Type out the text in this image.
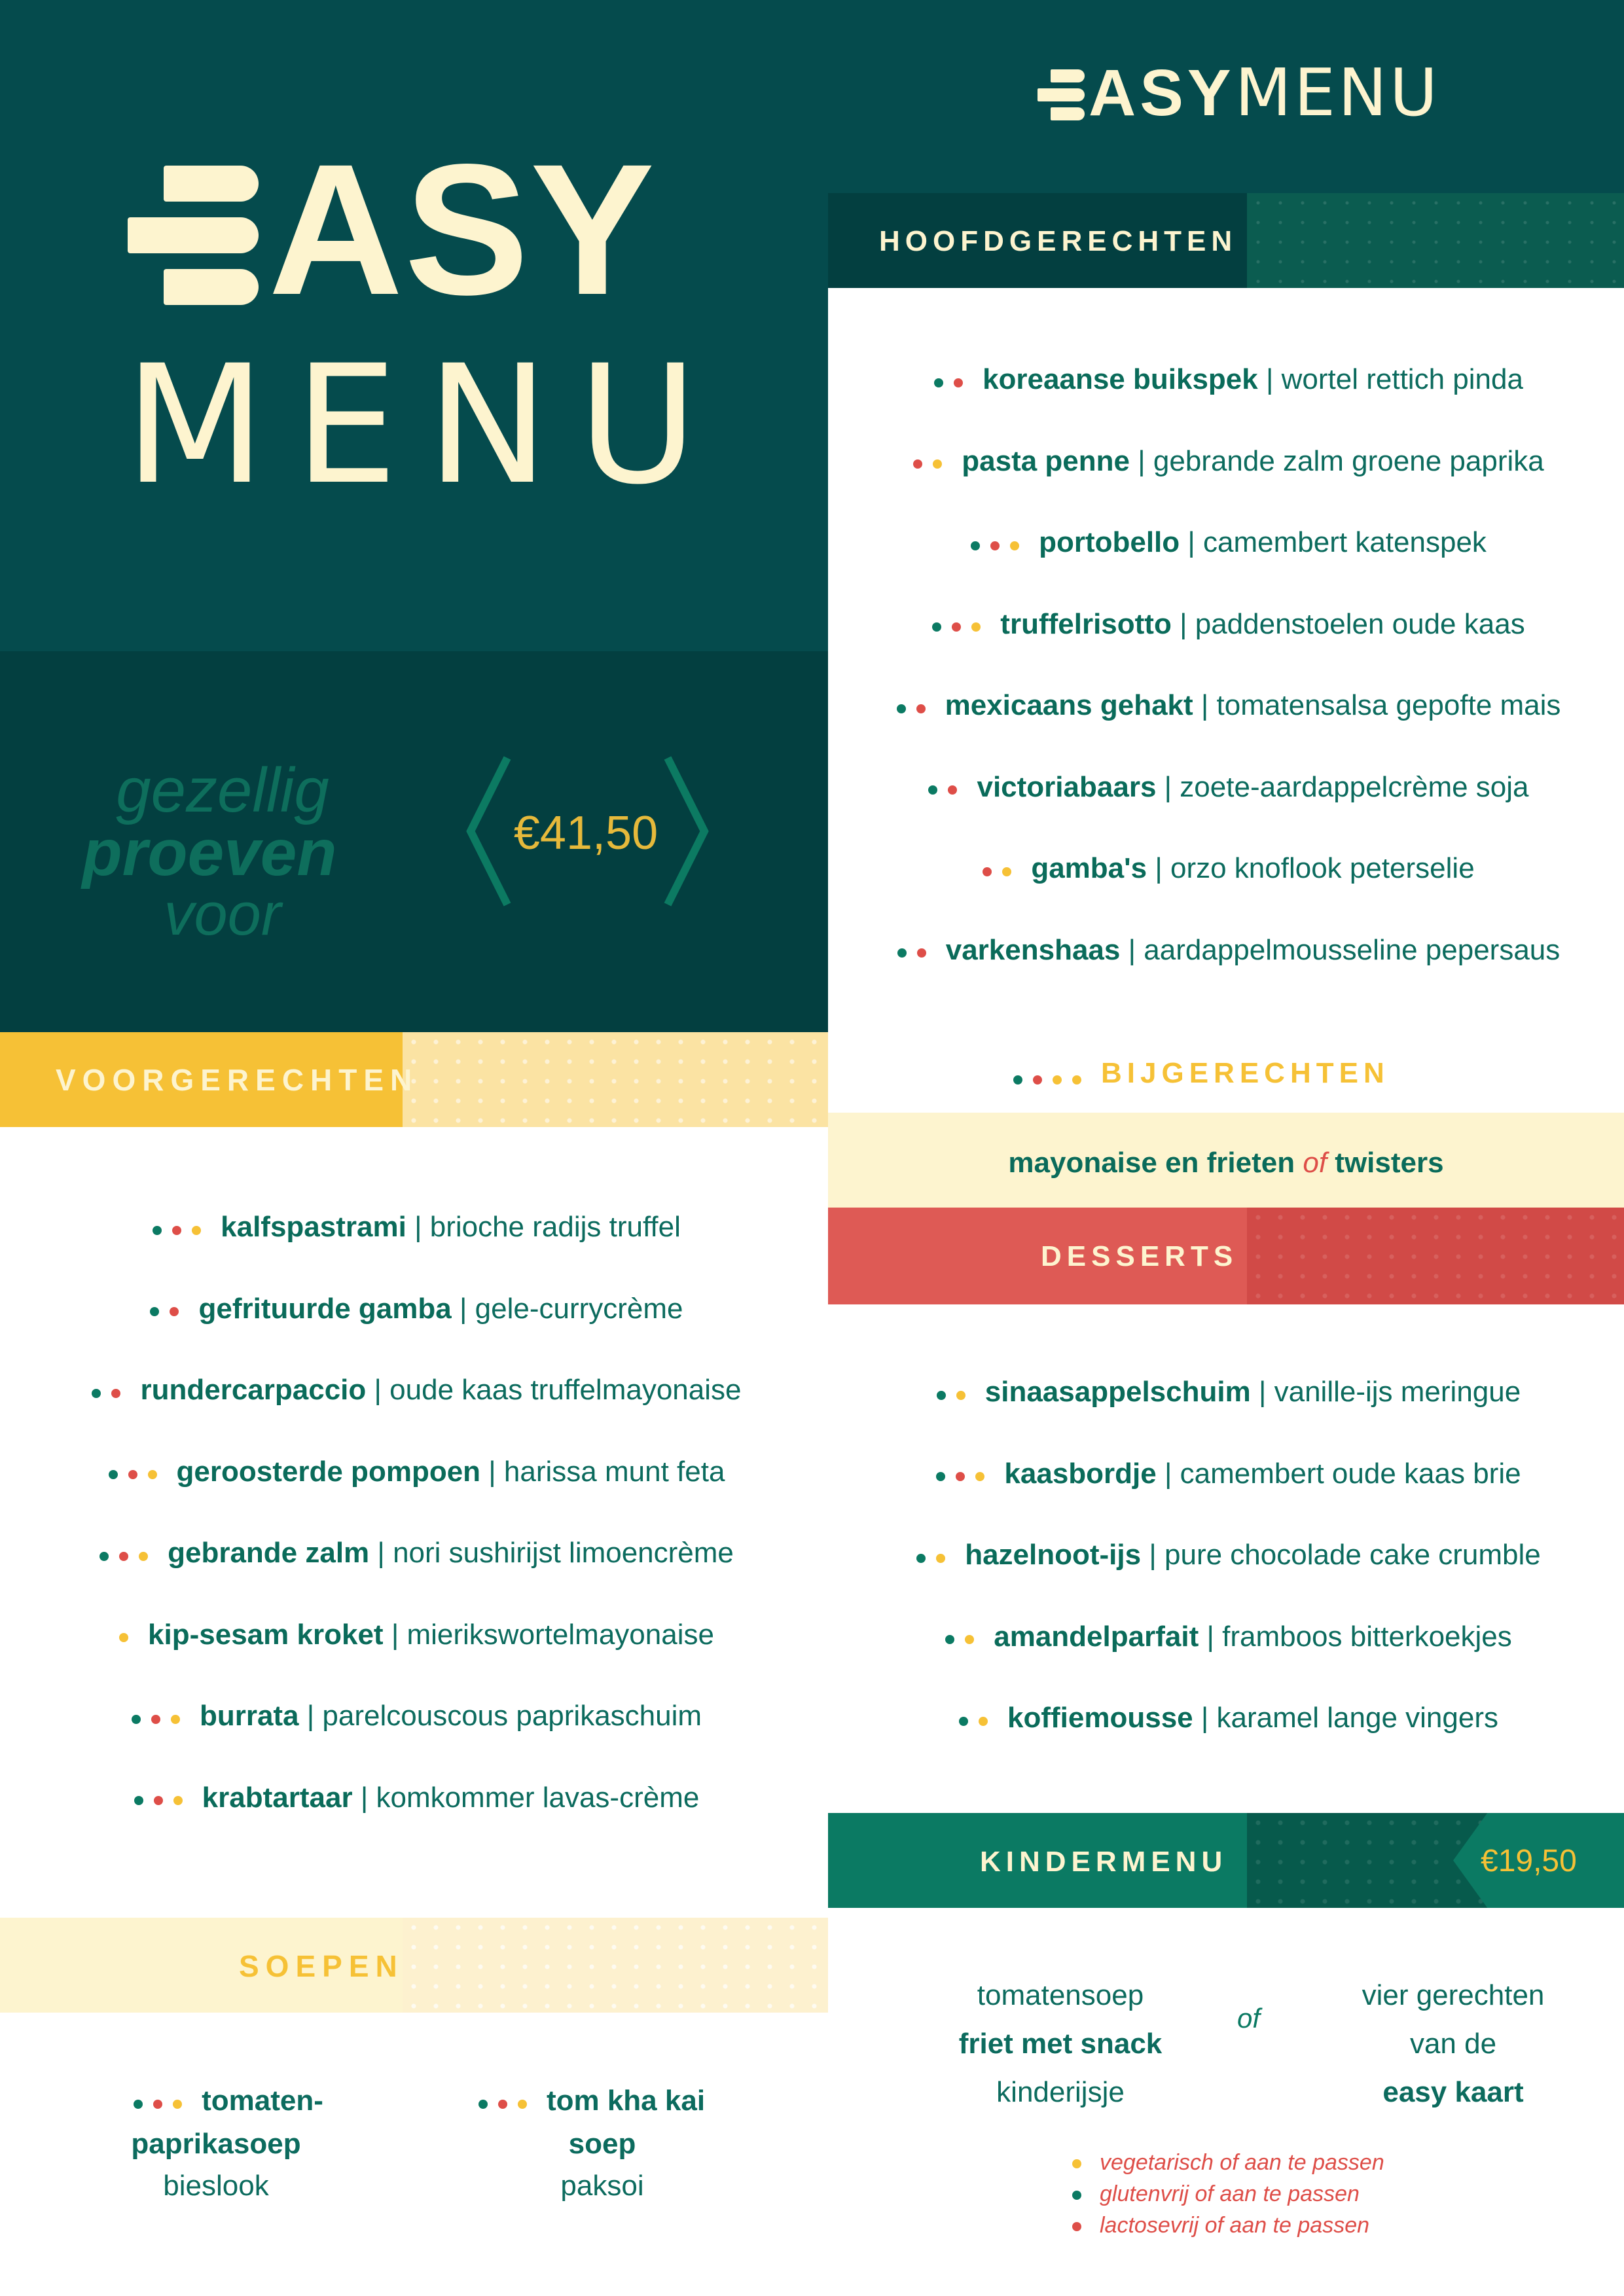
ASY
MENU
gezellig
proeven
voor
€41,50
VOORGERECHTEN
kalfspastrami | brioche radijs truffel
gefrituurde gamba | gele-currycrème
rundercarpaccio | oude kaas truffelmayonaise
geroosterde pompoen | harissa munt feta
gebrande zalm | nori sushirijst limoencrème
kip-sesam kroket | mierikswortelmayonaise
burrata | parelcouscous paprikaschuim
krabtartaar | komkommer lavas-crème
SOEPEN
tomaten-
paprikasoep
bieslook
tom kha kai
soep
paksoi
ASYMENU
HOOFDGERECHTEN
koreaanse buikspek | wortel rettich pinda
pasta penne | gebrande zalm groene paprika
portobello | camembert katenspek
truffelrisotto | paddenstoelen oude kaas
mexicaans gehakt | tomatensalsa gepofte mais
victoriabaars | zoete-aardappelcrème soja
gamba's | orzo knoflook peterselie
varkenshaas | aardappelmousseline pepersaus
BIJGERECHTEN
mayonaise en frieten of twisters
DESSERTS
sinaasappelschuim | vanille-ijs meringue
kaasbordje | camembert oude kaas brie
hazelnoot-ijs | pure chocolade cake crumble
amandelparfait | framboos bitterkoekjes
koffiemousse | karamel lange vingers
KINDERMENU	€19,50
tomatensoep
friet met snack
kinderijsje
of
vier gerechten
van de
easy kaart
vegetarisch of aan te passen
glutenvrij of aan te passen
lactosevrij of aan te passen
